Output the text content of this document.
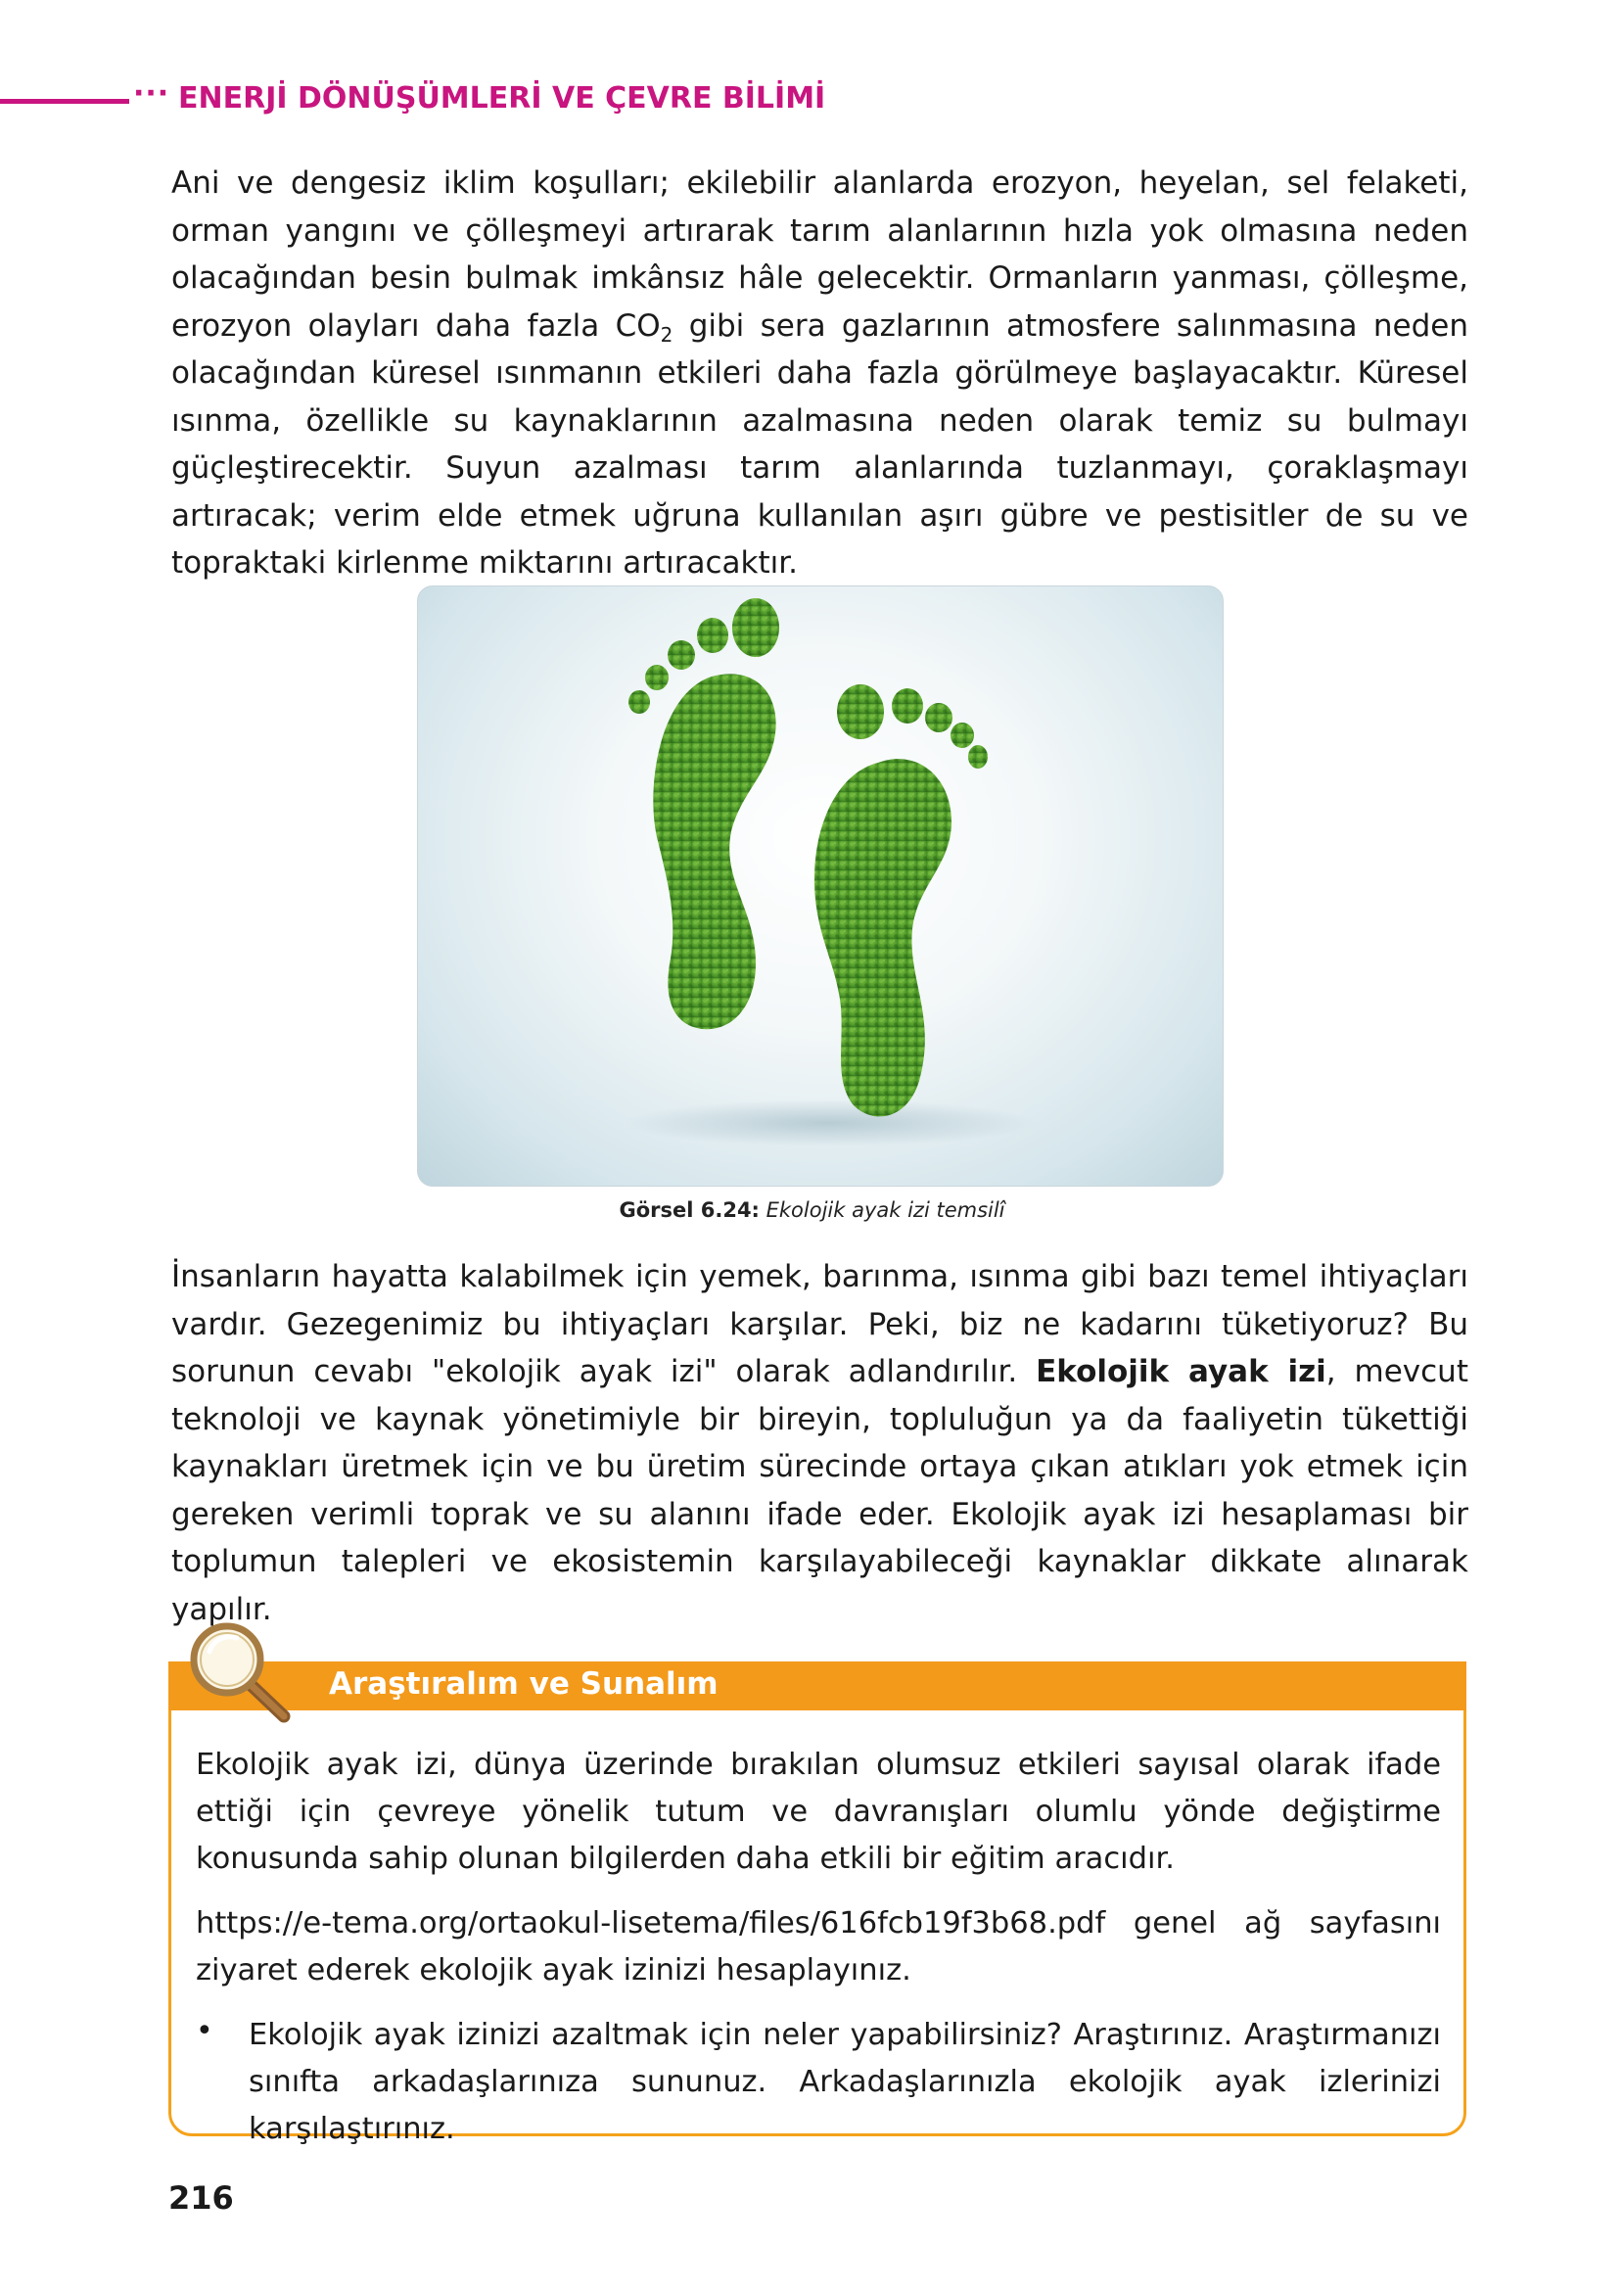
··· ENERJİ DÖNÜŞÜMLERİ VE ÇEVRE BİLİMİ

Ani ve dengesiz iklim koşulları; ekilebilir alanlarda erozyon, heyelan, sel felaketi, orman yangını ve çölleşmeyi artırarak tarım alanlarının hızla yok olmasına neden olacağından besin bulmak imkânsız hâle gelecektir. Ormanların yanması, çölleşme, erozyon olayları daha fazla $CO_2$ gibi sera gazlarının atmosfere salınmasına neden olacağından küresel ısınmanın etkileri daha fazla görülmeye başlayacaktır. Küresel ısınma, özellikle su kaynaklarının azalmasına neden olarak temiz su bulmayı güçleştirecektir. Suyun azalması tarım alanlarında tuzlanmayı, çoraklaşmayı artıracak; verim elde etmek uğruna kullanılan aşırı gübre ve pestisitler de su ve topraktaki kirlenme miktarını artıracaktır.

Görsel 6.24: Ekolojik ayak izi temsilî

İnsanların hayatta kalabilmek için yemek, barınma, ısınma gibi bazı temel ihtiyaçları vardır. Gezegenimiz bu ihtiyaçları karşılar. Peki, biz ne kadarını tüketiyoruz? Bu sorunun cevabı "ekolojik ayak izi" olarak adlandırılır. Ekolojik ayak izi, mevcut teknoloji ve kaynak yönetimiyle bir bireyin, topluluğun ya da faaliyetin tükettiği kaynakları üretmek için ve bu üretim sürecinde ortaya çıkan atıkları yok etmek için gereken verimli toprak ve su alanını ifade eder. Ekolojik ayak izi hesaplaması bir toplumun talepleri ve ekosistemin karşılayabileceği kaynaklar dikkate alınarak yapılır.

Araştıralım ve Sunalım

Ekolojik ayak izi, dünya üzerinde bırakılan olumsuz etkileri sayısal olarak ifade ettiği için çevreye yönelik tutum ve davranışları olumlu yönde değiştirme konusunda sahip olunan bilgilerden daha etkili bir eğitim aracıdır.

https://e-tema.org/ortaokul-lisetema/files/616fcb19f3b68.pdf genel ağ sayfasını ziyaret ederek ekolojik ayak izinizi hesaplayınız.

• Ekolojik ayak izinizi azaltmak için neler yapabilirsiniz? Araştırınız. Araştırmanızı sınıfta arkadaşlarınıza sununuz. Arkadaşlarınızla ekolojik ayak izlerinizi karşılaştırınız.

216
